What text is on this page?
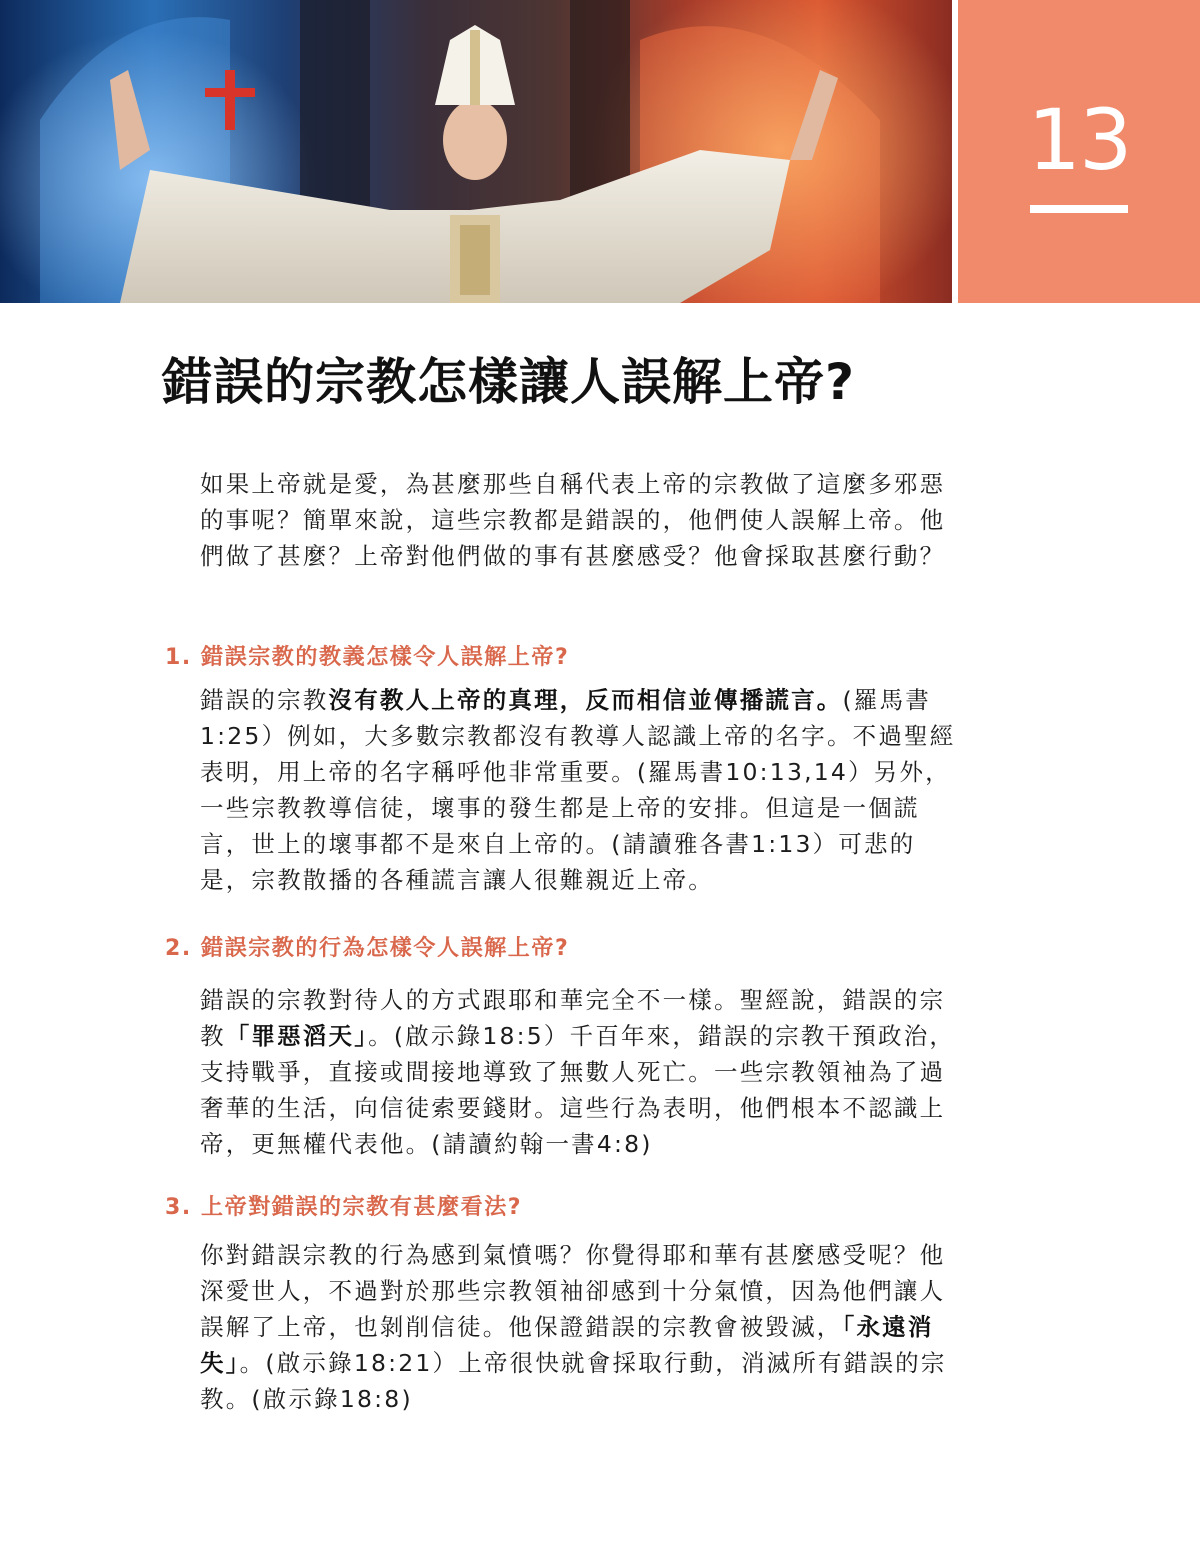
13
錯誤的宗教怎樣讓人誤解上帝?

如果上帝就是愛，為甚麼那些自稱代表上帝的宗教做了這麼多邪惡的事呢？簡單來說，這些宗教都是錯誤的，他們使人誤解上帝。他們做了甚麼？上帝對他們做的事有甚麼感受？他會採取甚麼行動？

1. 錯誤宗教的教義怎樣令人誤解上帝?

錯誤的宗教沒有教人上帝的真理，反而相信並傳播謊言。(羅馬書1:25）例如，大多數宗教都沒有教導人認識上帝的名字。不過聖經表明，用上帝的名字稱呼他非常重要。(羅馬書10:13,14）另外，一些宗教教導信徒，壞事的發生都是上帝的安排。但這是一個謊言，世上的壞事都不是來自上帝的。(請讀雅各書1:13）可悲的是，宗教散播的各種謊言讓人很難親近上帝。

2. 錯誤宗教的行為怎樣令人誤解上帝?

錯誤的宗教對待人的方式跟耶和華完全不一樣。聖經說，錯誤的宗教「罪惡滔天」。(啟示錄18:5）千百年來，錯誤的宗教干預政治，支持戰爭，直接或間接地導致了無數人死亡。一些宗教領袖為了過奢華的生活，向信徒索要錢財。這些行為表明，他們根本不認識上帝，更無權代表他。(請讀約翰一書4:8)

3. 上帝對錯誤的宗教有甚麼看法?

你對錯誤宗教的行為感到氣憤嗎？你覺得耶和華有甚麼感受呢？他深愛世人，不過對於那些宗教領袖卻感到十分氣憤，因為他們讓人誤解了上帝，也剝削信徒。他保證錯誤的宗教會被毀滅，「永遠消失」。(啟示錄18:21）上帝很快就會採取行動，消滅所有錯誤的宗教。(啟示錄18:8)
